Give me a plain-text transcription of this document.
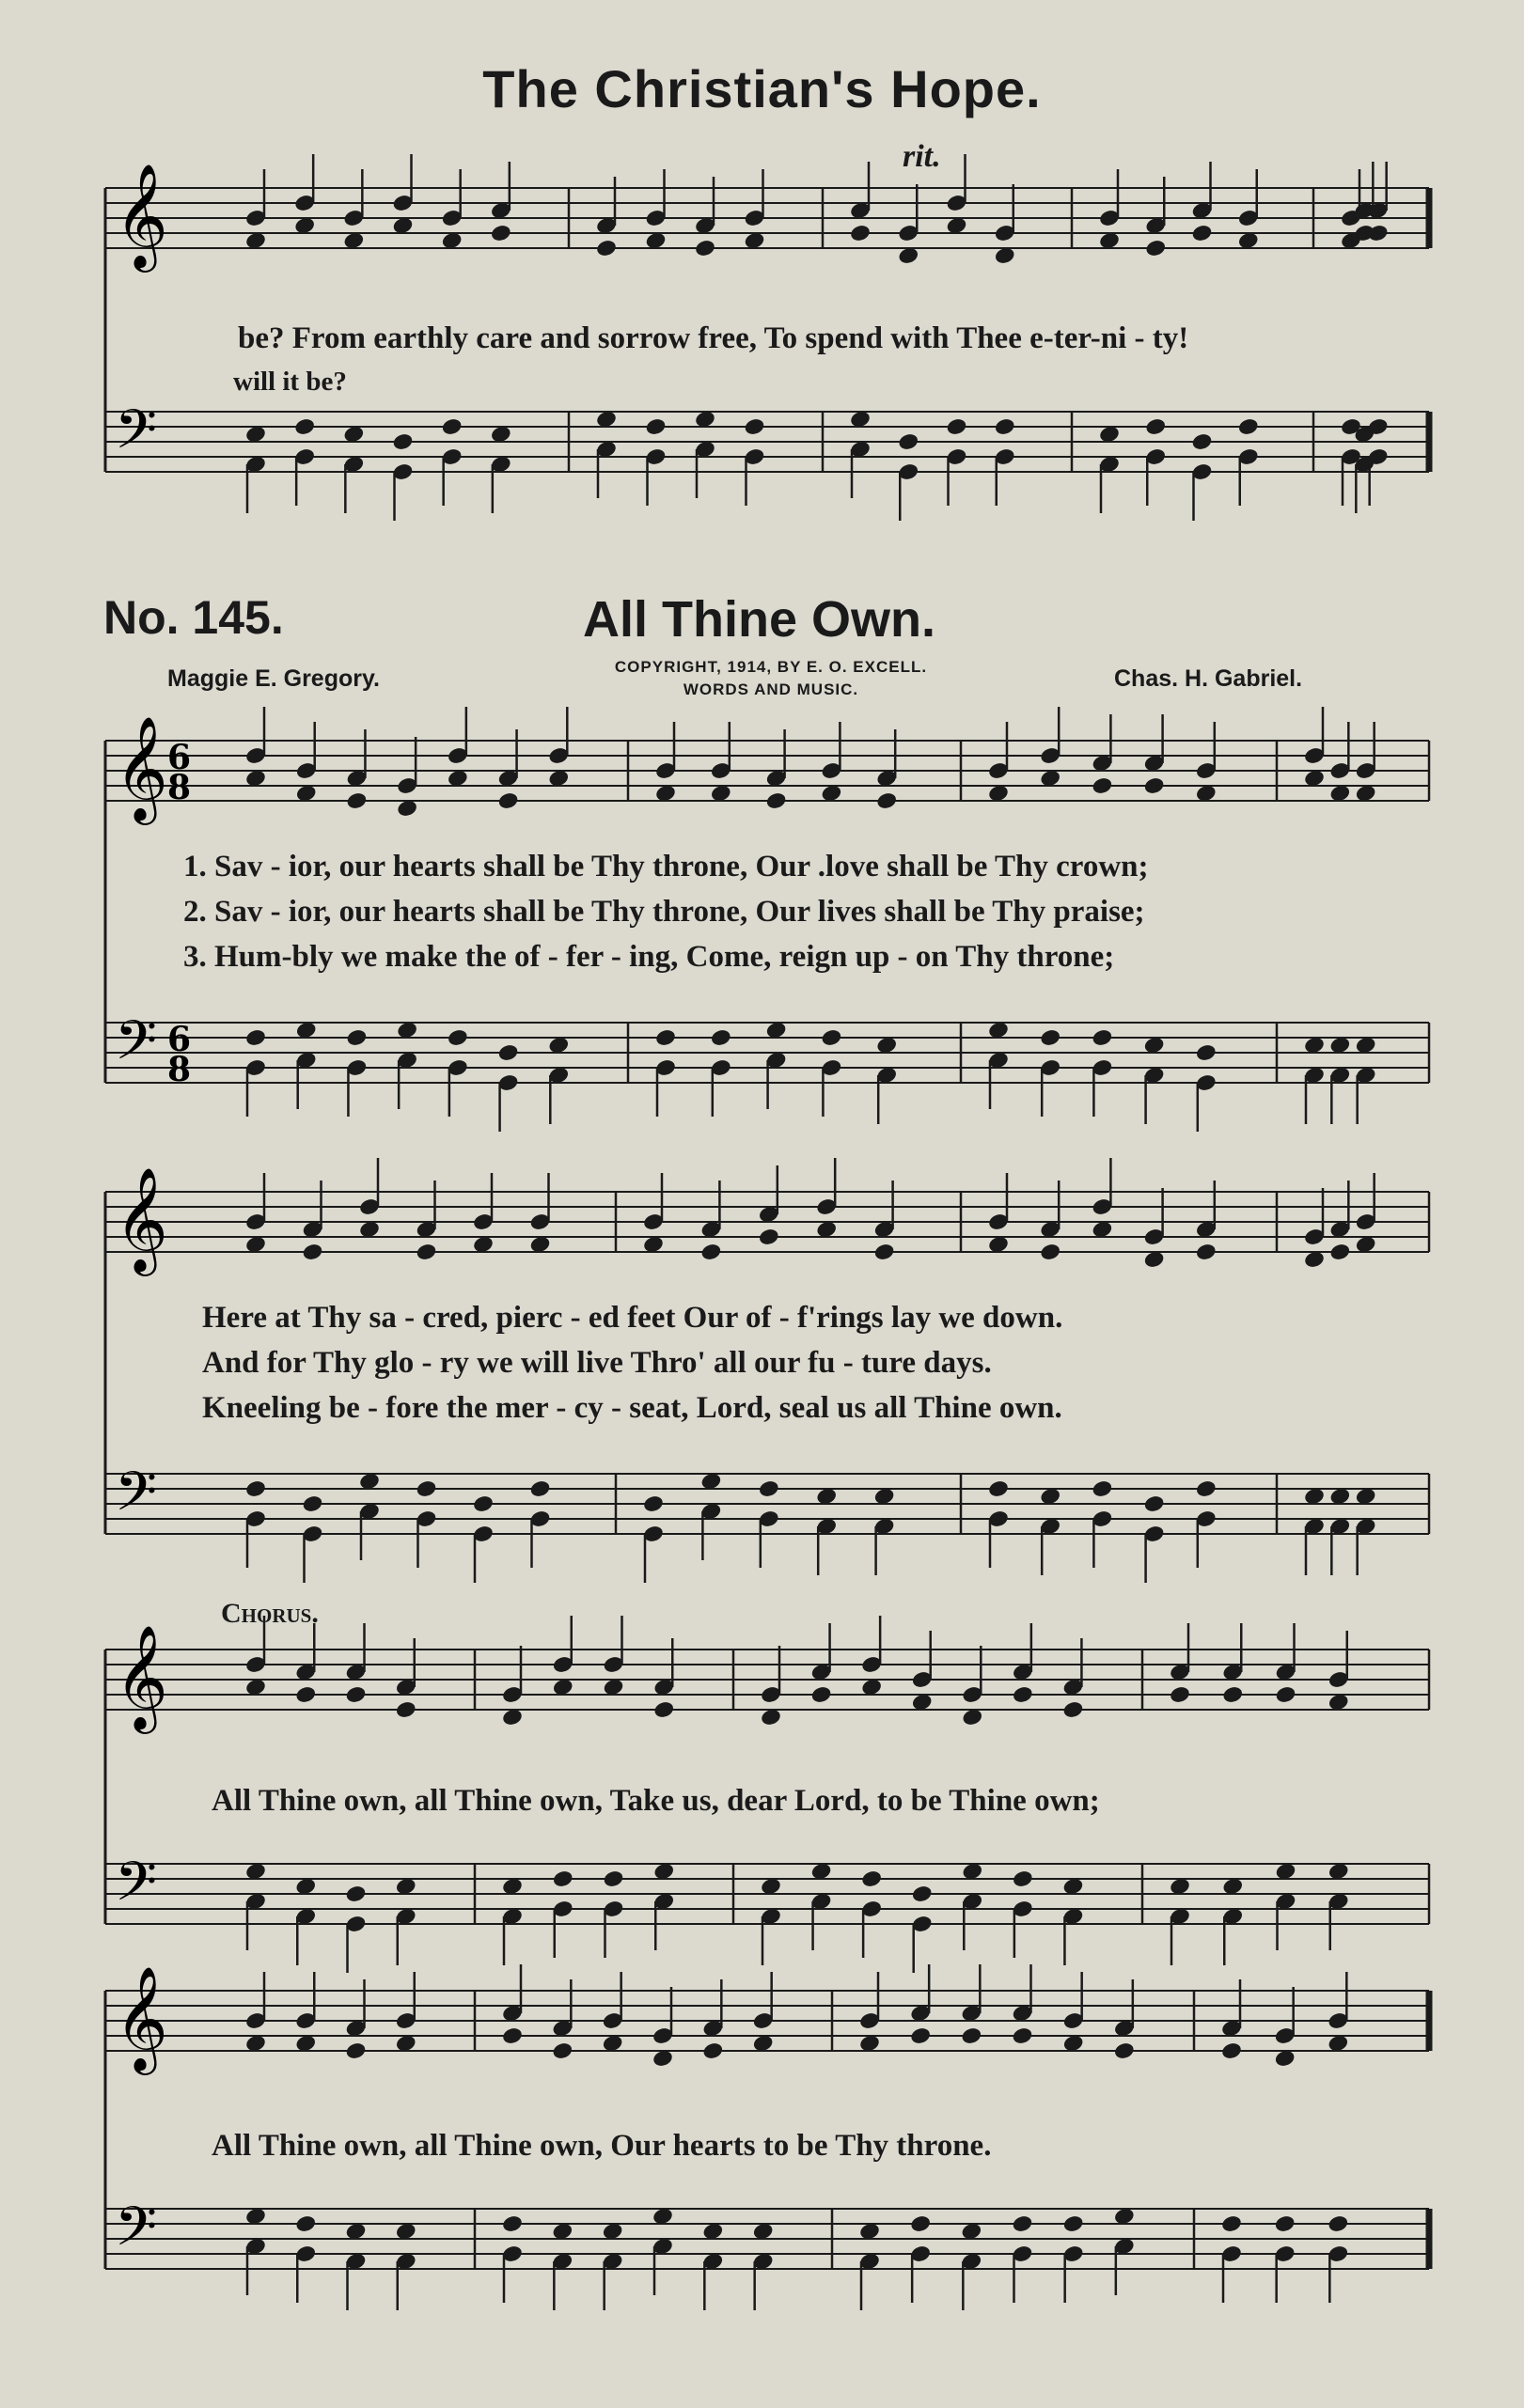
The Christian's Hope.
rit.
be? From earthly care and sorrow free, To spend with Thee e-ter-ni - ty!
will it be?
No. 145.	All Thine Own.
Maggie E. Gregory.	COPYRIGHT, 1914, BY E. O. EXCELL.
WORDS AND MUSIC.	Chas. H. Gabriel.
1. Sav - ior, our hearts shall be Thy throne, Our .love shall be Thy crown;
2. Sav - ior, our hearts shall be Thy throne, Our lives shall be Thy praise;
3. Hum-bly we make the of - fer - ing, Come, reign up - on Thy throne;
Here at Thy sa - cred, pierc - ed feet Our of - f'rings lay we down.
And for Thy glo - ry we will live Thro' all our fu - ture days.
Kneeling be - fore the mer - cy - seat, Lord, seal us all Thine own.
Chorus.
All Thine own, all Thine own, Take us, dear Lord, to be Thine own;
All Thine own, all Thine own, Our hearts to be Thy throne.
𝄞
𝄢
𝄞
𝄢
𝄞
𝄢
𝄞
𝄢
𝄞
𝄢
6
8
6
8
